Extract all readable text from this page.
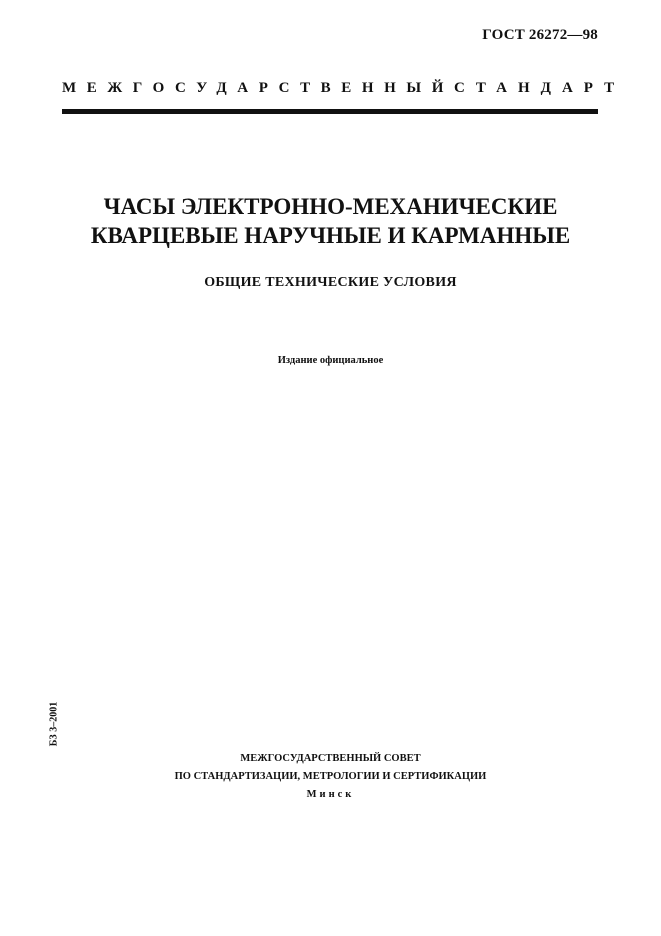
ГОСТ 26272—98
МЕЖГОСУДАРСТВЕННЫЙ СТАНДАРТ
ЧАСЫ ЭЛЕКТРОННО-МЕХАНИЧЕСКИЕ
КВАРЦЕВЫЕ НАРУЧНЫЕ И КАРМАННЫЕ
ОБЩИЕ ТЕХНИЧЕСКИЕ УСЛОВИЯ
Издание официальное
БЗ 3–2001
МЕЖГОСУДАРСТВЕННЫЙ СОВЕТ
ПО СТАНДАРТИЗАЦИИ, МЕТРОЛОГИИ И СЕРТИФИКАЦИИ
Минск
